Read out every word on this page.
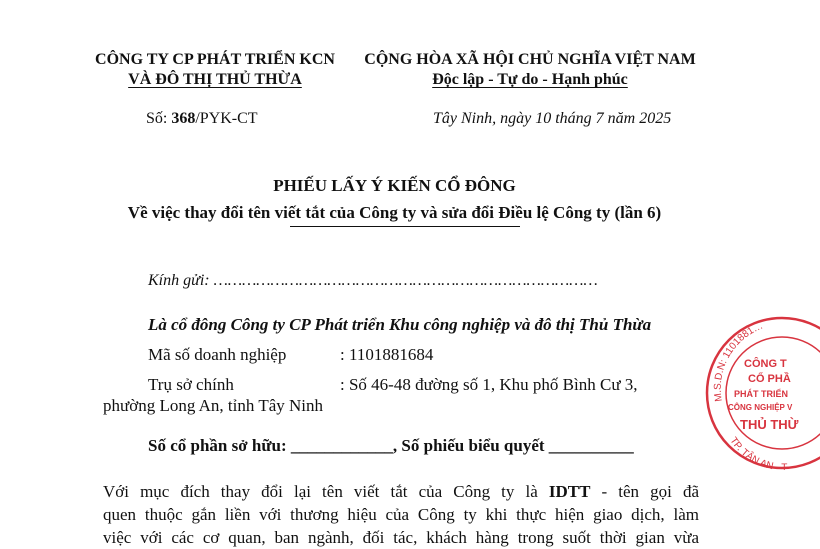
CÔNG TY CP PHÁT TRIỂN KCN
VÀ ĐÔ THỊ THỦ THỪA
CỘNG HÒA XÃ HỘI CHỦ NGHĨA VIỆT NAM
Độc lập - Tự do - Hạnh phúc
Số: 368/PYK-CT	Tây Ninh, ngày 10 tháng 7 năm 2025
PHIẾU LẤY Ý KIẾN CỔ ĐÔNG
Về việc thay đổi tên viết tắt của Công ty và sửa đổi Điều lệ Công ty (lần 6)
Kính gửi: ………………………………………………………………………
Là cổ đông Công ty CP Phát triển Khu công nghiệp và đô thị Thủ Thừa
Mã số doanh nghiệp	: 1101881684
Trụ sở chính	: Số 46-48 đường số 1, Khu phố Bình Cư 3,
phường Long An, tỉnh Tây Ninh
Số cổ phần sở hữu: ____________, Số phiếu biểu quyết __________
Với mục đích thay đổi lại tên viết tắt của Công ty là IDTT - tên gọi đã
quen thuộc gắn liền với thương hiệu của Công ty khi thực hiện giao dịch, làm
việc với các cơ quan, ban ngành, đối tác, khách hàng trong suốt thời gian vừa
M.S.D.N: 1101881…
TP. TÂN AN - T
CÔNG T
CỔ PHẦ
PHÁT TRIỂN
CÔNG NGHIỆP V
THỦ THỪ
